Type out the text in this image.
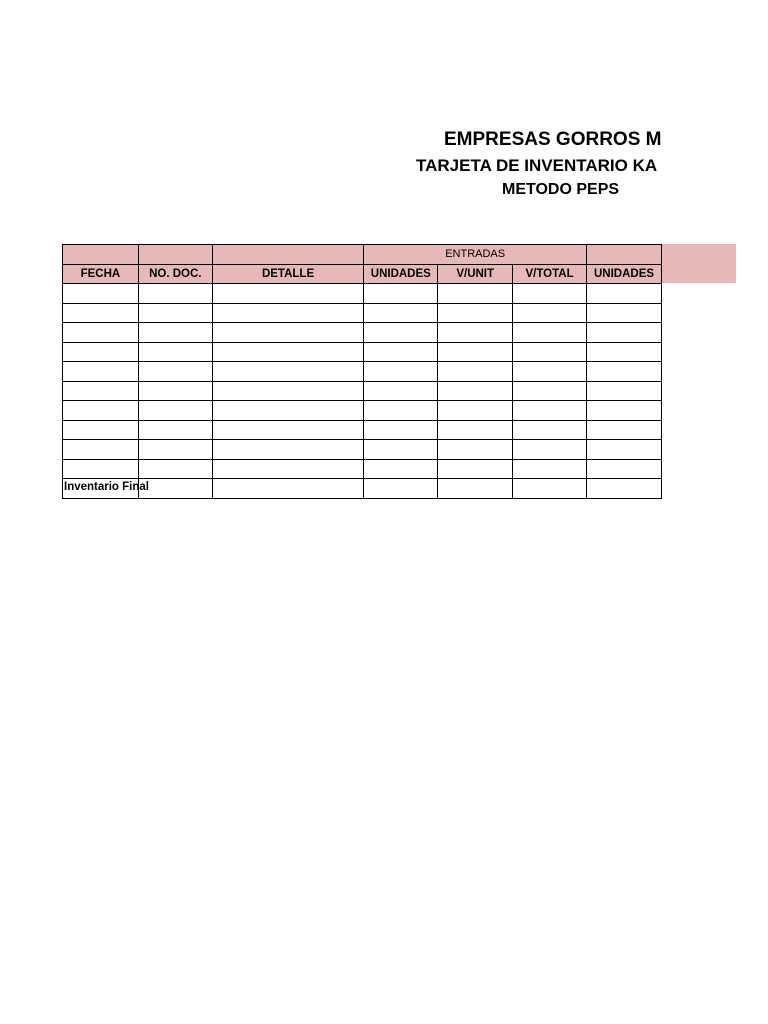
EMPRESAS GORROS M
TARJETA DE INVENTARIO KA
METODO PEPS
			ENTRADAS			
FECHA	NO. DOC.	DETALLE	UNIDADES	V/UNIT	V/TOTAL	UNIDADES

Inventario Final						
